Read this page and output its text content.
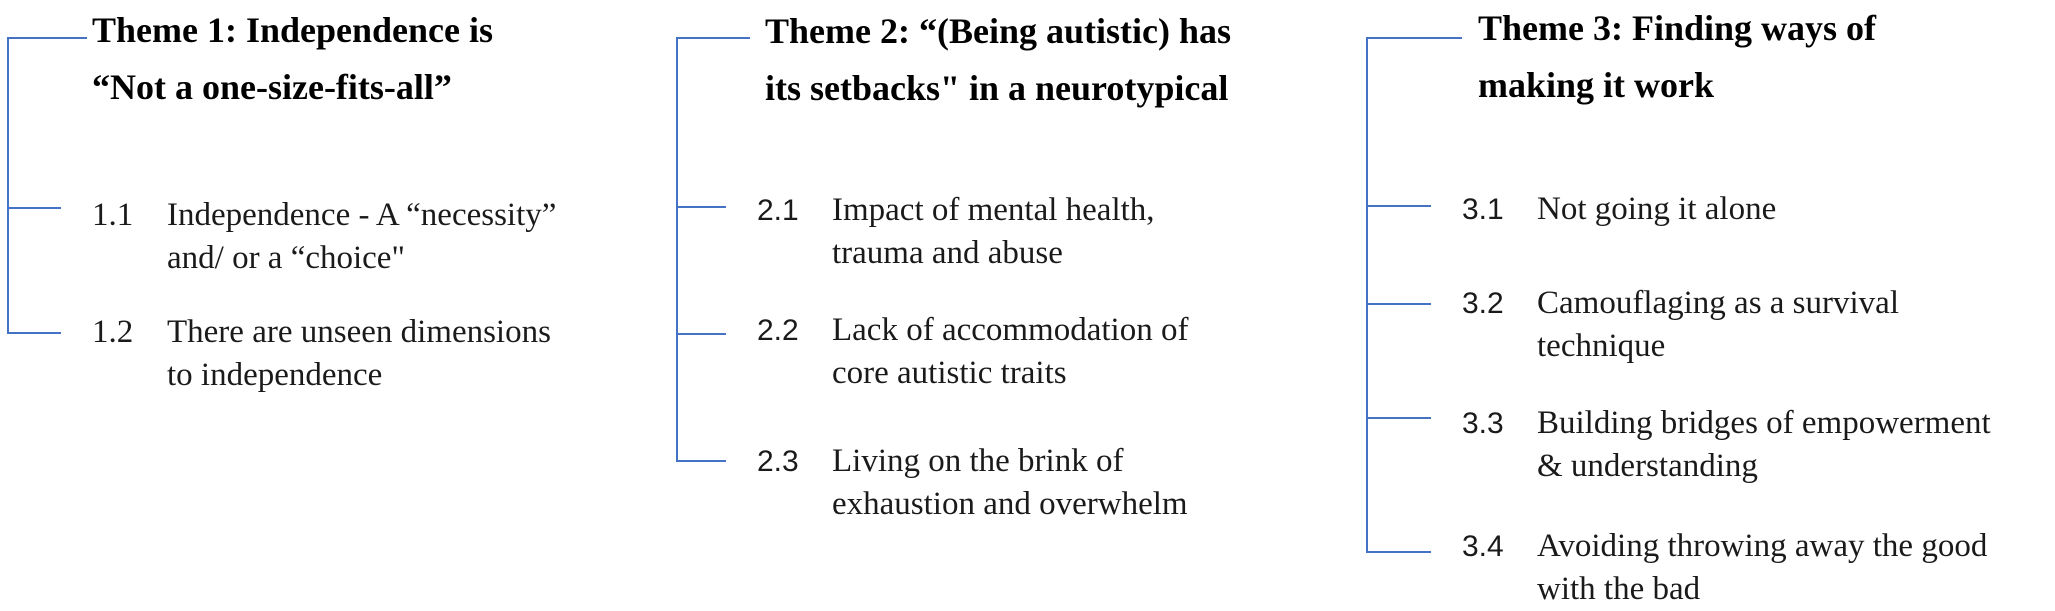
Theme 1: Independence is
“Not a one-size-fits-all”
1.1 Independence - A “necessity”
and/ or a “choice"
1.2 There are unseen dimensions
to independence
Theme 2: “(Being autistic) has
its setbacks" in a neurotypical
2.1 Impact of mental health,
trauma and abuse
2.2 Lack of accommodation of
core autistic traits
2.3 Living on the brink of
exhaustion and overwhelm
Theme 3: Finding ways of
making it work
3.1 Not going it alone
3.2 Camouflaging as a survival
technique
3.3 Building bridges of empowerment
& understanding
3.4 Avoiding throwing away the good
with the bad
